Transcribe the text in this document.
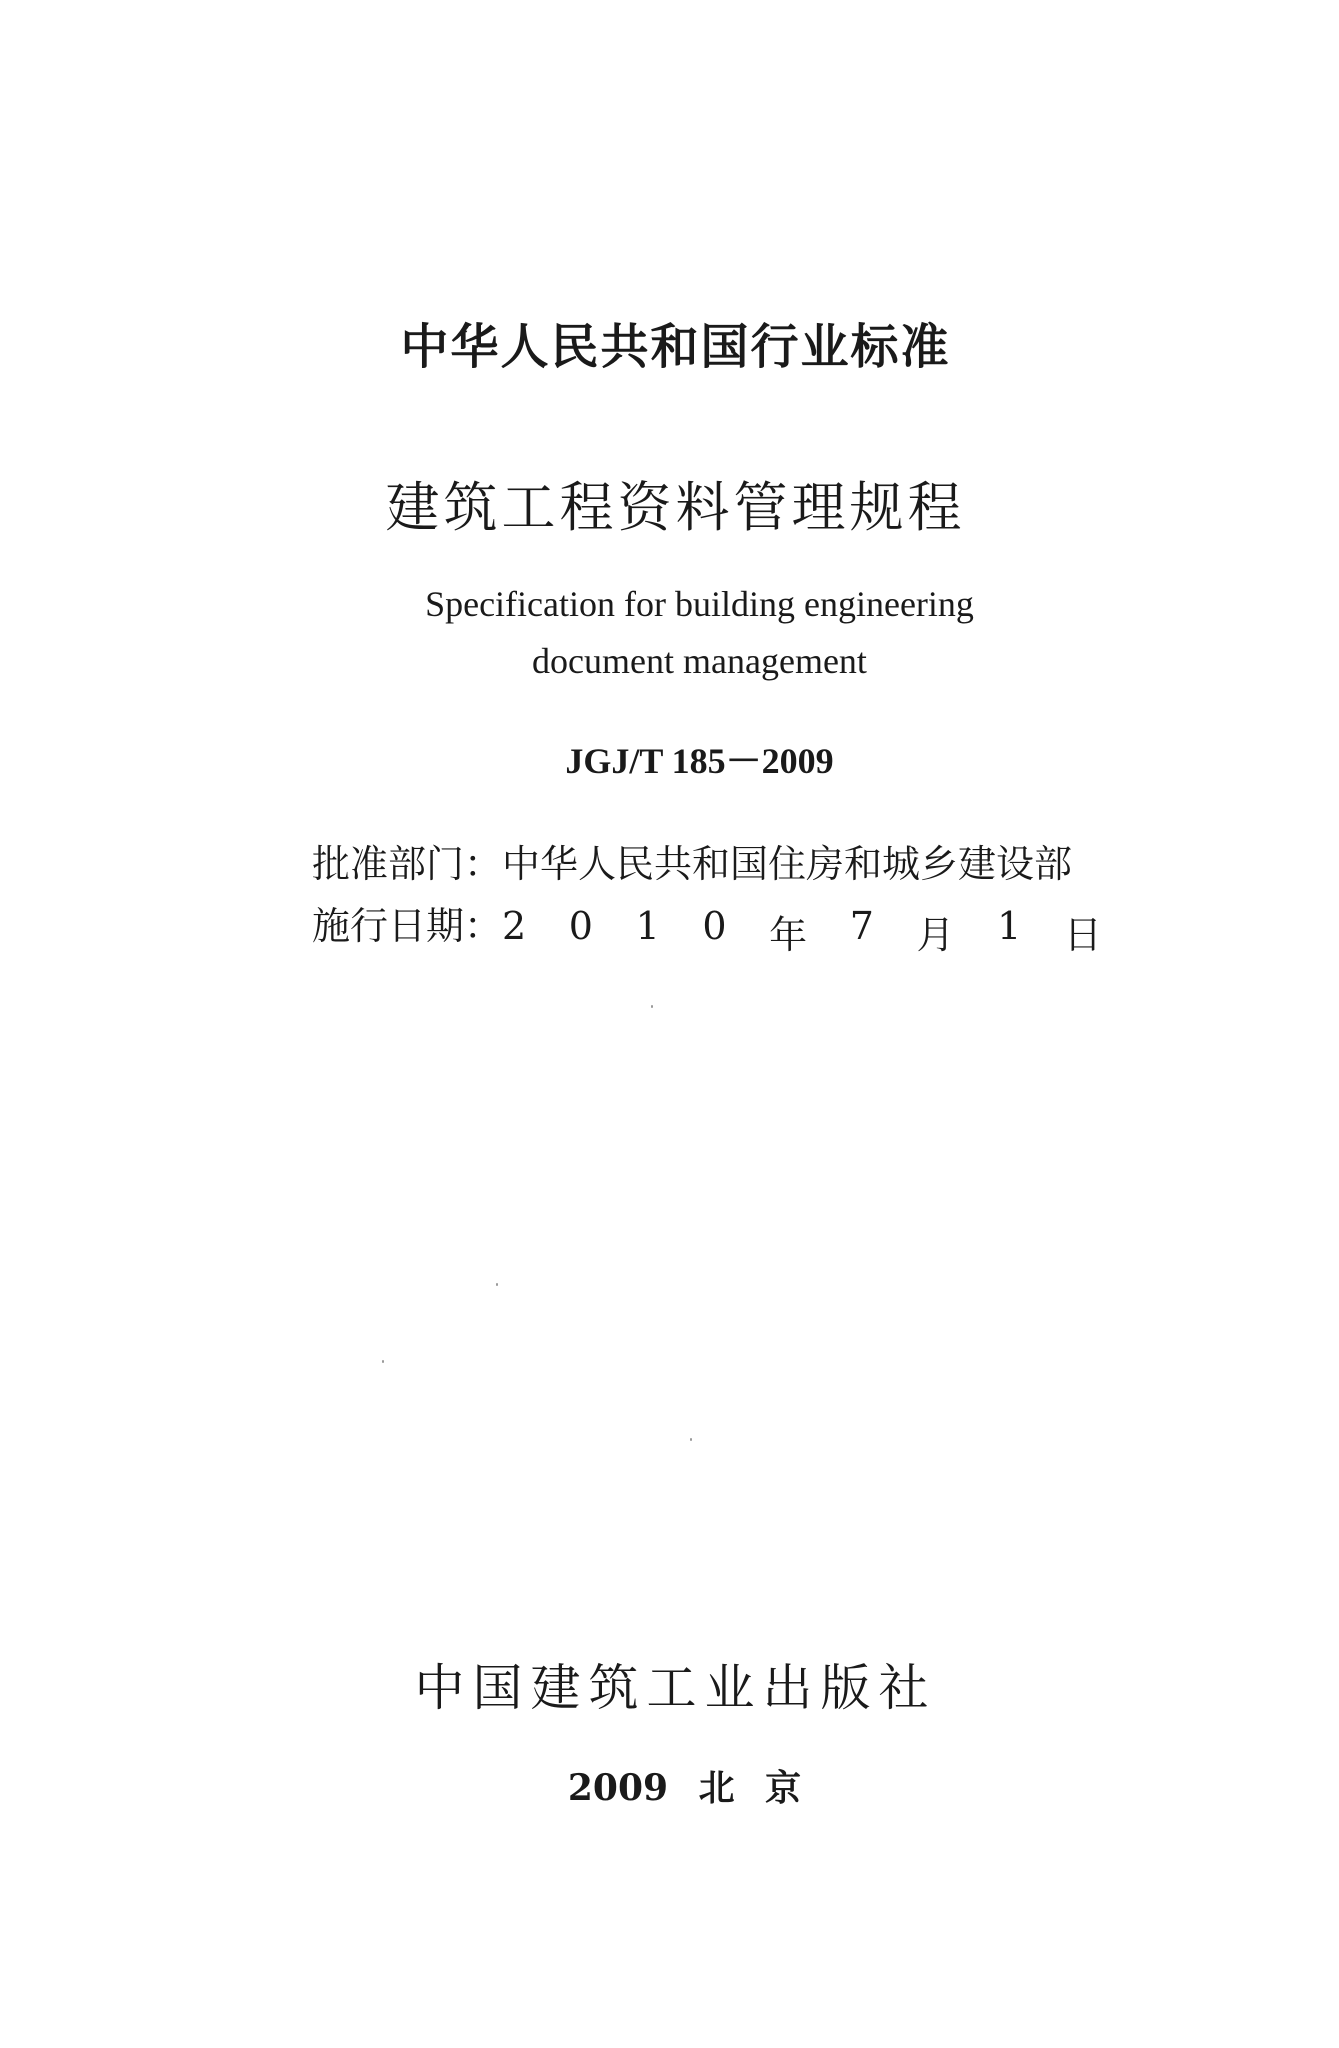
中华人民共和国行业标准
建筑工程资料管理规程
Specification for building engineering
document management
JGJ/T 185－2009
批准部门： 中华人民共和国住房和城乡建设部
施行日期： 2 0 1 0 年 7 月 1 日
中国建筑工业出版社
2009 北 京
